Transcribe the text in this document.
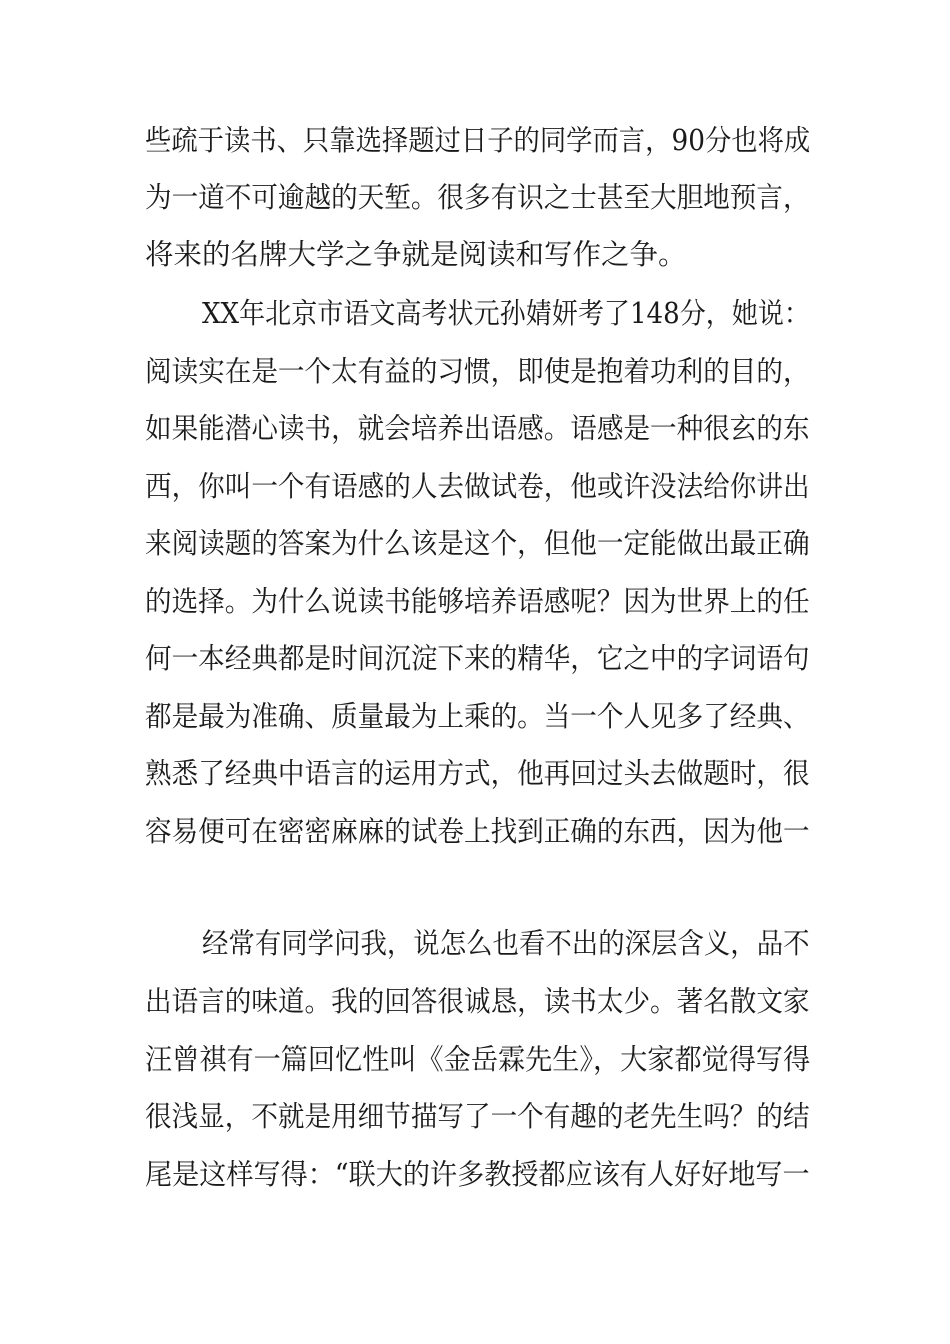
些疏于读书、只靠选择题过日子的同学而言，90分也将成
为一道不可逾越的天堑。很多有识之士甚至大胆地预言，
将来的名牌大学之争就是阅读和写作之争。
XX年北京市语文高考状元孙婧妍考了148分，她说：
阅读实在是一个太有益的习惯，即使是抱着功利的目的，
如果能潜心读书，就会培养出语感。语感是一种很玄的东
西，你叫一个有语感的人去做试卷，他或许没法给你讲出
来阅读题的答案为什么该是这个，但他一定能做出最正确
的选择。为什么说读书能够培养语感呢？因为世界上的任
何一本经典都是时间沉淀下来的精华，它之中的字词语句
都是最为准确、质量最为上乘的。当一个人见多了经典、
熟悉了经典中语言的运用方式，他再回过头去做题时，很
容易便可在密密麻麻的试卷上找到正确的东西，因为他一
经常有同学问我，说怎么也看不出的深层含义，品不
出语言的味道。我的回答很诚恳，读书太少。著名散文家
汪曾祺有一篇回忆性叫《金岳霖先生》，大家都觉得写得
很浅显，不就是用细节描写了一个有趣的老先生吗？的结
尾是这样写得：“联大的许多教授都应该有人好好地写一
